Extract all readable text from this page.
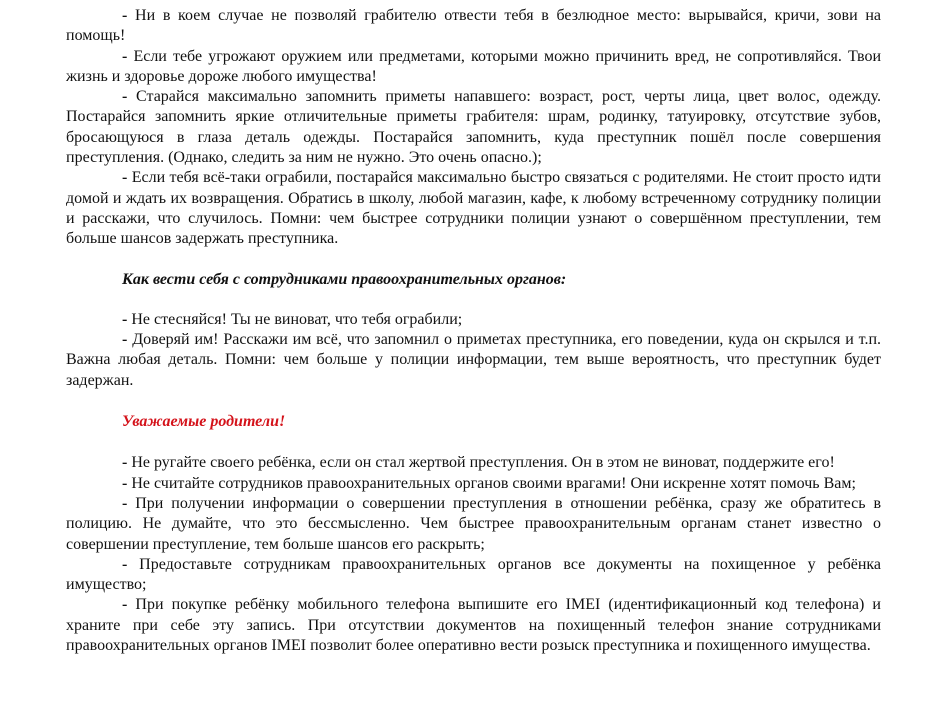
- Ни в коем случае не позволяй грабителю отвести тебя в безлюдное место: вырывайся, кричи, зови на помощь!

- Если тебе угрожают оружием или предметами, которыми можно причинить вред, не сопротивляйся. Твои жизнь и здоровье дороже любого имущества!

- Старайся максимально запомнить приметы напавшего: возраст, рост, черты лица, цвет волос, одежду. Постарайся запомнить яркие отличительные приметы грабителя: шрам, родинку, татуировку, отсутствие зубов, бросающуюся в глаза деталь одежды. Постарайся запомнить, куда преступник пошёл после совершения преступления. (Однако, следить за ним не нужно. Это очень опасно.);

- Если тебя всё-таки ограбили, постарайся максимально быстро связаться с родителями. Не стоит просто идти домой и ждать их возвращения. Обратись в школу, любой магазин, кафе, к любому встреченному сотруднику полиции и расскажи, что случилось. Помни: чем быстрее сотрудники полиции узнают о совершённом преступлении, тем больше шансов задержать преступника.

Как вести себя с сотрудниками правоохранительных органов:

- Не стесняйся! Ты не виноват, что тебя ограбили;

- Доверяй им! Расскажи им всё, что запомнил о приметах преступника, его поведении, куда он скрылся и т.п. Важна любая деталь. Помни: чем больше у полиции информации, тем выше вероятность, что преступник будет задержан.

Уважаемые родители!

- Не ругайте своего ребёнка, если он стал жертвой преступления. Он в этом не виноват, поддержите его!

- Не считайте сотрудников правоохранительных органов своими врагами! Они искренне хотят помочь Вам;

- При получении информации о совершении преступления в отношении ребёнка, сразу же обратитесь в полицию. Не думайте, что это бессмысленно. Чем быстрее правоохранительным органам станет известно о совершении преступление, тем больше шансов его раскрыть;

- Предоставьте сотрудникам правоохранительных органов все документы на похищенное у ребёнка имущество;

- При покупке ребёнку мобильного телефона выпишите его IMEI (идентификационный код телефона) и храните при себе эту запись. При отсутствии документов на похищенный телефон знание сотрудниками правоохранительных органов IMEI позволит более оперативно вести розыск преступника и похищенного имущества.
